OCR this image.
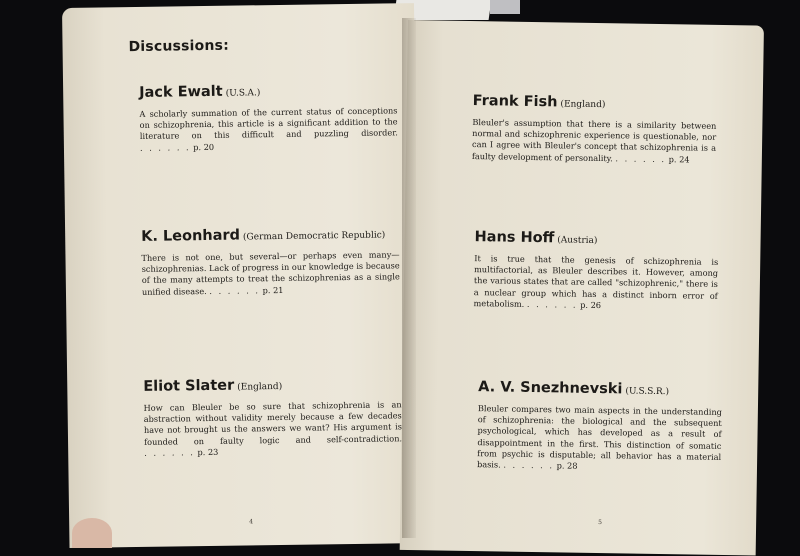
Discussions:
Jack Ewalt (U.S.A.)

A scholarly summation of the current status of conceptions on schizophrenia, this article is a significant addition to the literature on this difficult and puzzling disorder. . . . . . . p. 20

K. Leonhard (German Democratic Republic)

There is not one, but several—or perhaps even many—schizophrenias. Lack of progress in our knowledge is because of the many attempts to treat the schizophrenias as a single unified disease. . . . . . . p. 21

Eliot Slater (England)

How can Bleuler be so sure that schizophrenia is an abstraction without validity merely because a few decades have not brought us the answers we want? His argument is founded on faulty logic and self-contradiction. . . . . . . p. 23

4
Frank Fish (England)

Bleuler's assumption that there is a similarity between normal and schizophrenic experience is questionable, nor can I agree with Bleuler's concept that schizophrenia is a faulty development of personality. . . . . . . p. 24

Hans Hoff (Austria)

It is true that the genesis of schizophrenia is multifactorial, as Bleuler describes it. However, among the various states that are called "schizophrenic," there is a nuclear group which has a distinct inborn error of metabolism. . . . . . . p. 26

A. V. Snezhnevski (U.S.S.R.)

Bleuler compares two main aspects in the understanding of schizophrenia: the biological and the subsequent psychological, which has developed as a result of disappointment in the first. This distinction of somatic from psychic is disputable; all behavior has a material basis. . . . . . . p. 28

5
